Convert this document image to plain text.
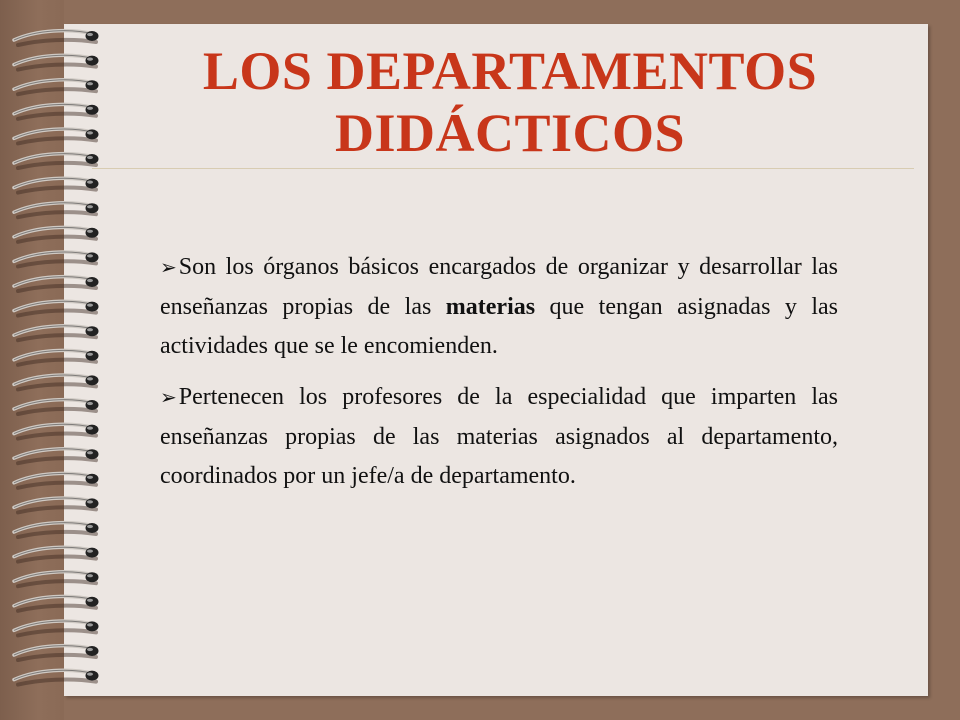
LOS DEPARTAMENTOS
DIDÁCTICOS

➢Son los órganos básicos encargados de organizar y desarrollar las enseñanzas propias de las materias que tengan asignadas y las actividades que se le encomienden.

➢Pertenecen los profesores de la especialidad que imparten las enseñanzas propias de las materias asignados al departamento, coordinados por un jefe/a de departamento.
